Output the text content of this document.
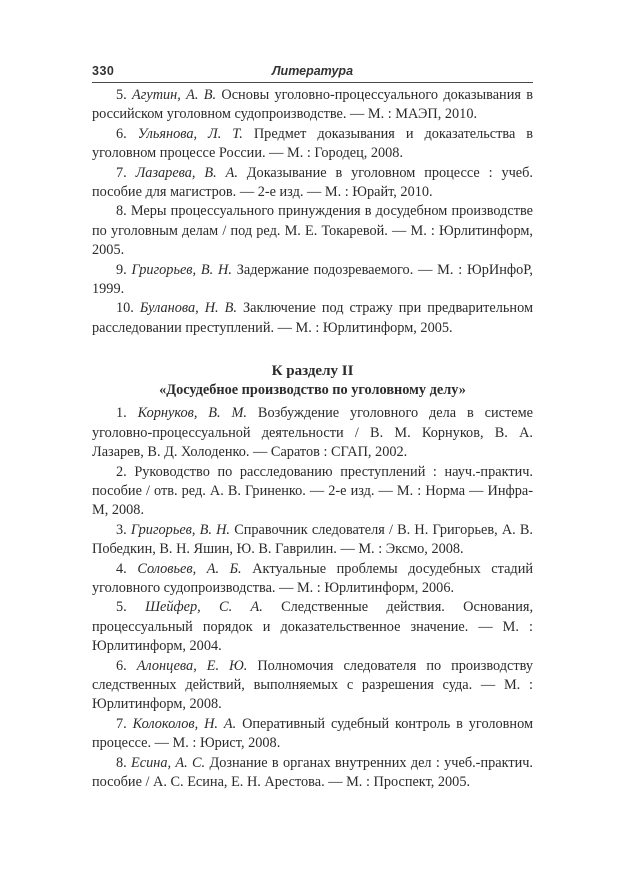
330	Литература

5. Агутин, А. В. Основы уголовно-процессуального доказывания в российском уголовном судопроизводстве. — М. : МАЭП, 2010.

6. Ульянова, Л. Т. Предмет доказывания и доказательства в уголовном процессе России. — М. : Городец, 2008.

7. Лазарева, В. А. Доказывание в уголовном процессе : учеб. пособие для магистров. — 2-е изд. — М. : Юрайт, 2010.

8. Меры процессуального принуждения в досудебном производстве по уголовным делам / под ред. М. Е. Токаревой. — М. : Юрлитинформ, 2005.

9. Григорьев, В. Н. Задержание подозреваемого. — М. : ЮрИнфоР, 1999.

10. Буланова, Н. В. Заключение под стражу при предварительном расследовании преступлений. — М. : Юрлитинформ, 2005.

К разделу II
«Досудебное производство по уголовному делу»

1. Корнуков, В. М. Возбуждение уголовного дела в системе уголовно-процессуальной деятельности / В. М. Корнуков, В. А. Лазарев, В. Д. Холоденко. — Саратов : СГАП, 2002.

2. Руководство по расследованию преступлений : науч.-практич. пособие / отв. ред. А. В. Гриненко. — 2-е изд. — М. : Норма — Инфра-М, 2008.

3. Григорьев, В. Н. Справочник следователя / В. Н. Григорьев, А. В. Победкин, В. Н. Яшин, Ю. В. Гаврилин. — М. : Эксмо, 2008.

4. Соловьев, А. Б. Актуальные проблемы досудебных стадий уголовного судопроизводства. — М. : Юрлитинформ, 2006.

5. Шейфер, С. А. Следственные действия. Основания, процессуальный порядок и доказательственное значение. — М. : Юрлитинформ, 2004.

6. Алонцева, Е. Ю. Полномочия следователя по производству следственных действий, выполняемых с разрешения суда. — М. : Юрлитинформ, 2008.

7. Колоколов, Н. А. Оперативный судебный контроль в уголовном процессе. — М. : Юрист, 2008.

8. Есина, А. С. Дознание в органах внутренних дел : учеб.-практич. пособие / А. С. Есина, Е. Н. Арестова. — М. : Проспект, 2005.
